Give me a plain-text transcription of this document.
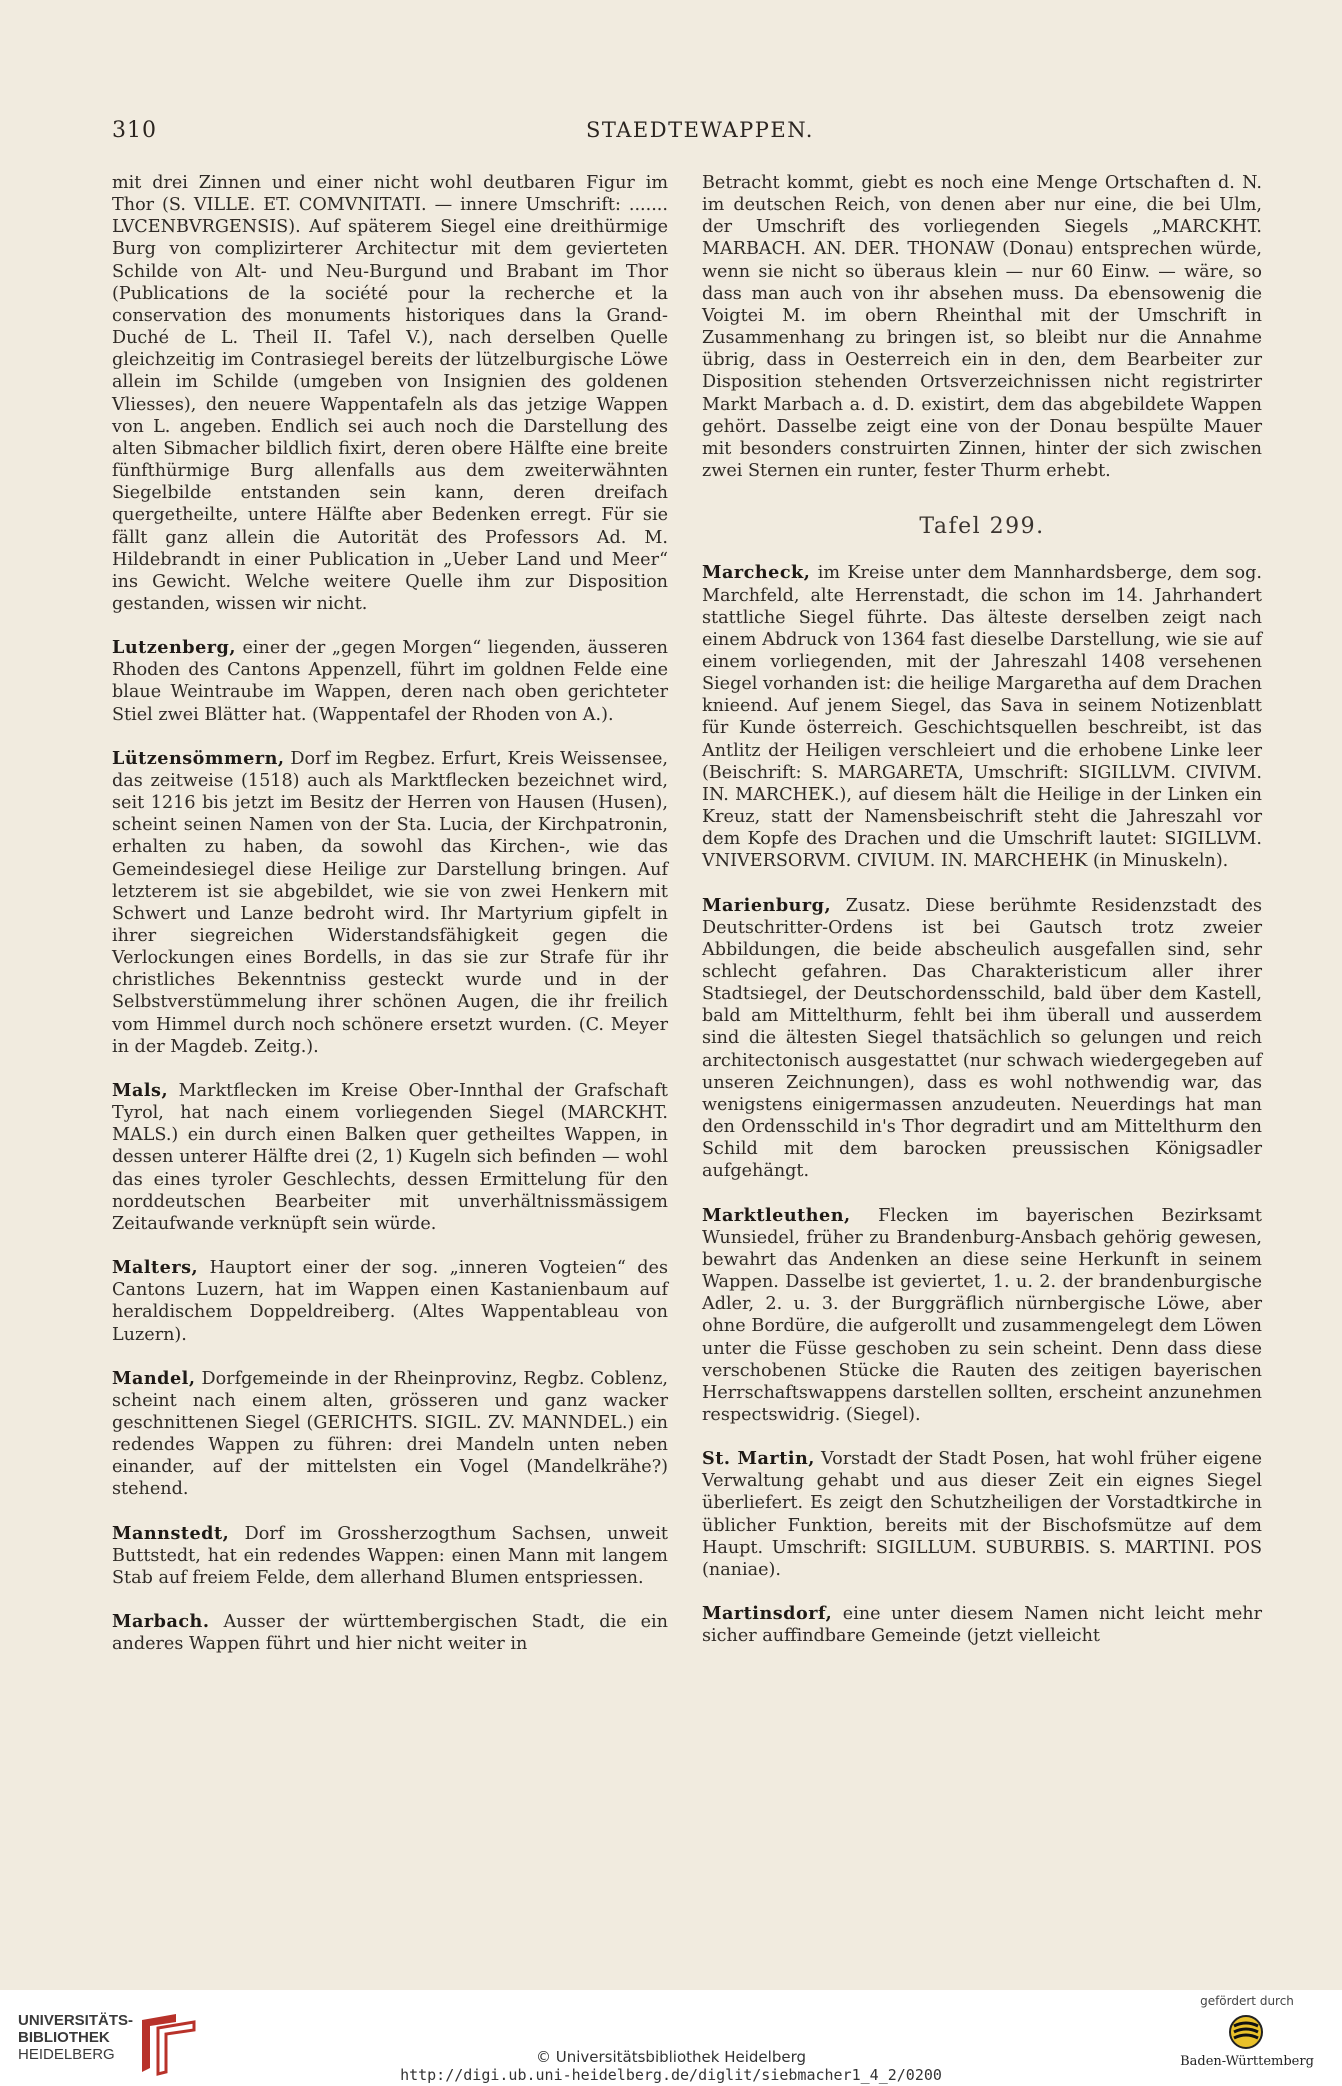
310	STAEDTEWAPPEN.

mit drei Zinnen und einer nicht wohl deutbaren Figur im Thor (S. VILLE. ET. COMVNITATI. — innere Umschrift: ....... LVCENBVRGENSIS). Auf späterem Siegel eine dreithürmige Burg von complizirterer Architectur mit dem gevierteten Schilde von Alt- und Neu-Burgund und Brabant im Thor (Publications de la société pour la recherche et la conservation des monuments historiques dans la Grand-Duché de L. Theil II. Tafel V.), nach derselben Quelle gleichzeitig im Contrasiegel bereits der lützelburgische Löwe allein im Schilde (umgeben von Insignien des goldenen Vliesses), den neuere Wappentafeln als das jetzige Wappen von L. angeben. Endlich sei auch noch die Darstellung des alten Sibmacher bildlich fixirt, deren obere Hälfte eine breite fünfthürmige Burg allenfalls aus dem zweiterwähnten Siegelbilde entstanden sein kann, deren dreifach quergetheilte, untere Hälfte aber Bedenken erregt. Für sie fällt ganz allein die Autorität des Professors Ad. M. Hildebrandt in einer Publication in „Ueber Land und Meer“ ins Gewicht. Welche weitere Quelle ihm zur Disposition gestanden, wissen wir nicht.

Lutzenberg, einer der „gegen Morgen“ liegenden, äusseren Rhoden des Cantons Appenzell, führt im goldnen Felde eine blaue Weintraube im Wappen, deren nach oben gerichteter Stiel zwei Blätter hat. (Wappentafel der Rhoden von A.).

Lützensömmern, Dorf im Regbez. Erfurt, Kreis Weissensee, das zeitweise (1518) auch als Marktflecken bezeichnet wird, seit 1216 bis jetzt im Besitz der Herren von Hausen (Husen), scheint seinen Namen von der Sta. Lucia, der Kirchpatronin, erhalten zu haben, da sowohl das Kirchen-, wie das Gemeindesiegel diese Heilige zur Darstellung bringen. Auf letzterem ist sie abgebildet, wie sie von zwei Henkern mit Schwert und Lanze bedroht wird. Ihr Martyrium gipfelt in ihrer siegreichen Widerstandsfähigkeit gegen die Verlockungen eines Bordells, in das sie zur Strafe für ihr christliches Bekenntniss gesteckt wurde und in der Selbstverstümmelung ihrer schönen Augen, die ihr freilich vom Himmel durch noch schönere ersetzt wurden. (C. Meyer in der Magdeb. Zeitg.).

Mals, Marktflecken im Kreise Ober-Innthal der Grafschaft Tyrol, hat nach einem vorliegenden Siegel (MARCKHT. MALS.) ein durch einen Balken quer getheiltes Wappen, in dessen unterer Hälfte drei (2, 1) Kugeln sich befinden — wohl das eines tyroler Geschlechts, dessen Ermittelung für den norddeutschen Bearbeiter mit unverhältnissmässigem Zeitaufwande verknüpft sein würde.

Malters, Hauptort einer der sog. „inneren Vogteien“ des Cantons Luzern, hat im Wappen einen Kastanienbaum auf heraldischem Doppeldreiberg. (Altes Wappentableau von Luzern).

Mandel, Dorfgemeinde in der Rheinprovinz, Regbz. Coblenz, scheint nach einem alten, grösseren und ganz wacker geschnittenen Siegel (GERICHTS. SIGIL. ZV. MANNDEL.) ein redendes Wappen zu führen: drei Mandeln unten neben einander, auf der mittelsten ein Vogel (Mandelkrähe?) stehend.

Mannstedt, Dorf im Grossherzogthum Sachsen, unweit Buttstedt, hat ein redendes Wappen: einen Mann mit langem Stab auf freiem Felde, dem allerhand Blumen entspriessen.

Marbach. Ausser der württembergischen Stadt, die ein anderes Wappen führt und hier nicht weiter in

Betracht kommt, giebt es noch eine Menge Ortschaften d. N. im deutschen Reich, von denen aber nur eine, die bei Ulm, der Umschrift des vorliegenden Siegels „MARCKHT. MARBACH. AN. DER. THONAW (Donau) entsprechen würde, wenn sie nicht so überaus klein — nur 60 Einw. — wäre, so dass man auch von ihr absehen muss. Da ebensowenig die Voigtei M. im obern Rheinthal mit der Umschrift in Zusammenhang zu bringen ist, so bleibt nur die Annahme übrig, dass in Oesterreich ein in den, dem Bearbeiter zur Disposition stehenden Ortsverzeichnissen nicht registrirter Markt Marbach a. d. D. existirt, dem das abgebildete Wappen gehört. Dasselbe zeigt eine von der Donau bespülte Mauer mit besonders construirten Zinnen, hinter der sich zwischen zwei Sternen ein runter, fester Thurm erhebt.

Tafel 299.

Marcheck, im Kreise unter dem Mannhardsberge, dem sog. Marchfeld, alte Herrenstadt, die schon im 14. Jahrhandert stattliche Siegel führte. Das älteste derselben zeigt nach einem Abdruck von 1364 fast dieselbe Darstellung, wie sie auf einem vorliegenden, mit der Jahreszahl 1408 versehenen Siegel vorhanden ist: die heilige Margaretha auf dem Drachen knieend. Auf jenem Siegel, das Sava in seinem Notizenblatt für Kunde österreich. Geschichtsquellen beschreibt, ist das Antlitz der Heiligen verschleiert und die erhobene Linke leer (Beischrift: S. MARGARETA, Umschrift: SIGILLVM. CIVIVM. IN. MARCHEK.), auf diesem hält die Heilige in der Linken ein Kreuz, statt der Namensbeischrift steht die Jahreszahl vor dem Kopfe des Drachen und die Umschrift lautet: SIGILLVM. VNIVERSORVM. CIVIUM. IN. MARCHEHK (in Minuskeln).

Marienburg, Zusatz. Diese berühmte Residenzstadt des Deutschritter-Ordens ist bei Gautsch trotz zweier Abbildungen, die beide abscheulich ausgefallen sind, sehr schlecht gefahren. Das Charakteristicum aller ihrer Stadtsiegel, der Deutschordensschild, bald über dem Kastell, bald am Mittelthurm, fehlt bei ihm überall und ausserdem sind die ältesten Siegel thatsächlich so gelungen und reich architectonisch ausgestattet (nur schwach wiedergegeben auf unseren Zeichnungen), dass es wohl nothwendig war, das wenigstens einigermassen anzudeuten. Neuerdings hat man den Ordensschild in's Thor degradirt und am Mittelthurm den Schild mit dem barocken preussischen Königsadler aufgehängt.

Marktleuthen, Flecken im bayerischen Bezirksamt Wunsiedel, früher zu Brandenburg-Ansbach gehörig gewesen, bewahrt das Andenken an diese seine Herkunft in seinem Wappen. Dasselbe ist geviertet, 1. u. 2. der brandenburgische Adler, 2. u. 3. der Burggräflich nürnbergische Löwe, aber ohne Bordüre, die aufgerollt und zusammengelegt dem Löwen unter die Füsse geschoben zu sein scheint. Denn dass diese verschobenen Stücke die Rauten des zeitigen bayerischen Herrschaftswappens darstellen sollten, erscheint anzunehmen respectswidrig. (Siegel).

St. Martin, Vorstadt der Stadt Posen, hat wohl früher eigene Verwaltung gehabt und aus dieser Zeit ein eignes Siegel überliefert. Es zeigt den Schutzheiligen der Vorstadtkirche in üblicher Funktion, bereits mit der Bischofsmütze auf dem Haupt. Umschrift: SIGILLUM. SUBURBIS. S. MARTINI. POS (naniae).

Martinsdorf, eine unter diesem Namen nicht leicht mehr sicher auffindbare Gemeinde (jetzt vielleicht

UNIVERSITÄTS-
BIBLIOTHEK
HEIDELBERG	© Universitätsbibliothek Heidelberg
http://digi.ub.uni-heidelberg.de/diglit/siebmacher1_4_2/0200
gefördert durch
Baden-Württemberg
